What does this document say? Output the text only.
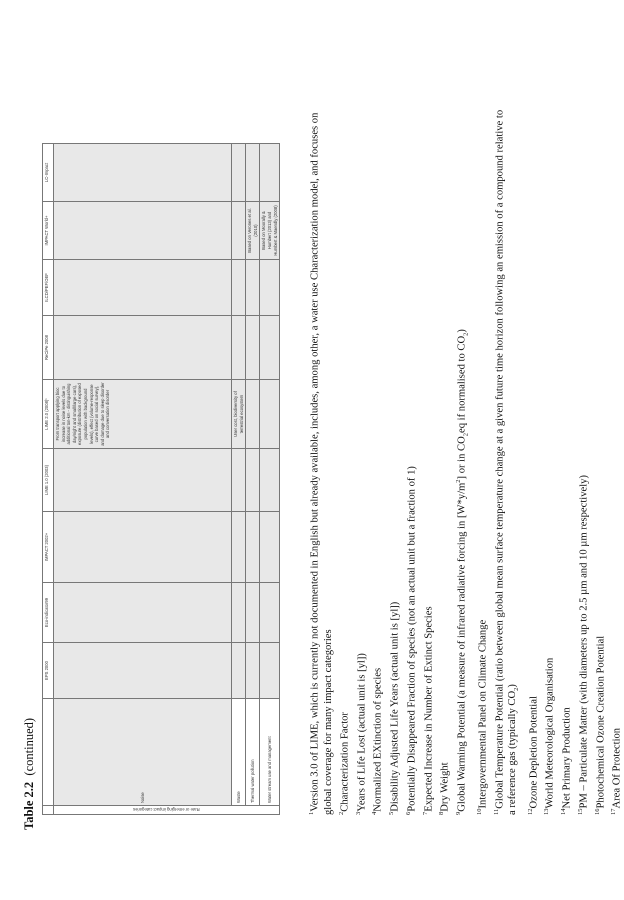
Table 2.2  (continued)
		EPS 2000	Eco-indicator99	IMPACT 2002+	LIME 1.0 (2003)	LIME 2.0 (2008)¹	ReCiPe 2008	ILCD/PEF/OEF	IMPACT World+	LC-Impact

Rare or emerging impact categories	Noise					From transport applying bioc increase in noise levels due to additional ton-km - distinguishing day/night and small/large cars), exposure (distribution of exposed population with background levels), effect (volume-response curve based on social survey), and damage due to sleep disorder and conversation disorder				
	Waste					User cost, biodiversity of terrestrial ecosystem				
	Thermal water pollution								Based on Verones et al. (2010)	
	Water stream use and management								Based on Moorally & Humbert (2013) and Humbert & Maendly (2008)	
$^1$Version 3.0 of LIME, which is currently not documented in English but already available, includes, among other, a water use Characterization model, and focuses on global coverage for many impact categories $^2$Characterization Factor
$^3$Years of Life Lost (actual unit is [yl])
$^4$Normalized EXtinction of species
$^5$Disability Adjusted Life Years (actual unit is [yl])
$^6$Potentially Disappeared Fraction of species (not an actual unit but a fraction of 1)
$^7$Expected Increase in Number of Extinct Species
$^8$Dry Weight
$^9$Global Warming Potential (a measure of infrared radiative forcing in $[W*y/m^2]$ or in $CO_2eq$ if normalised to $CO_2$)
$^{10}$Intergovernmental Panel on Climate Change
$^{11}$Global Temperature Potential (ratio between global mean surface temperature change at a given future time horizon following an emission of a compound relative to a reference gas (typically $CO_2$)
$^{12}$Ozone Depletion Potential
$^{13}$World Meteorological Organisation
$^{14}$Net Primary Production
$^{15}$PM – Particulate Matter (with diameters up to 2.5 µm and 10 µm respectively)
$^{16}$Photochemical Ozone Creation Potential
$^{17}$Area Of Protection
